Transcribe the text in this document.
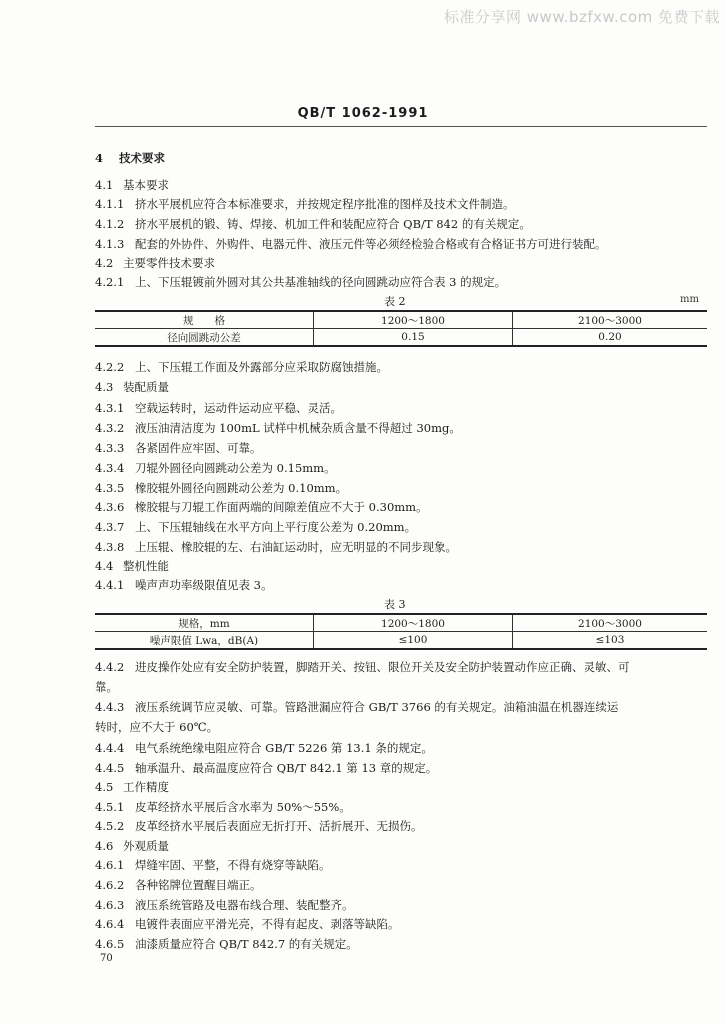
标准分享网 www.bzfxw.com 免费下载
QB/T 1062-1991
4 技术要求
4.1 基本要求
4.1.1 挤水平展机应符合本标准要求，并按规定程序批准的图样及技术文件制造。
4.1.2 挤水平展机的锻、铸、焊接、机加工件和装配应符合 QB/T 842 的有关规定。
4.1.3 配套的外协件、外购件、电器元件、液压元件等必须经检验合格或有合格证书方可进行装配。
4.2 主要零件技术要求
4.2.1 上、下压辊镀前外圆对其公共基准轴线的径向圆跳动应符合表 3 的规定。
表 2	mm
规　　格	1200～1800	2100～3000
径向圆跳动公差	0.15	0.20
4.2.2 上、下压辊工作面及外露部分应采取防腐蚀措施。
4.3 装配质量
4.3.1 空载运转时，运动件运动应平稳、灵活。
4.3.2 液压油清洁度为 100mL 试样中机械杂质含量不得超过 30mg。
4.3.3 各紧固件应牢固、可靠。
4.3.4 刀辊外圆径向圆跳动公差为 0.15mm。
4.3.5 橡胶辊外圆径向圆跳动公差为 0.10mm。
4.3.6 橡胶辊与刀辊工作面两端的间隙差值应不大于 0.30mm。
4.3.7 上、下压辊轴线在水平方向上平行度公差为 0.20mm。
4.3.8 上压辊、橡胶辊的左、右油缸运动时，应无明显的不同步现象。
4.4 整机性能
4.4.1 噪声声功率级限值见表 3。
表 3
规格，mm	1200～1800	2100～3000
噪声限值 Lwa，dB(A)	≤100	≤103
4.4.2 进皮操作处应有安全防护装置，脚踏开关、按钮、限位开关及安全防护装置动作应正确、灵敏、可
靠。
4.4.3 液压系统调节应灵敏、可靠。管路泄漏应符合 GB/T 3766 的有关规定。油箱油温在机器连续运
转时，应不大于 60℃。
4.4.4 电气系统绝缘电阻应符合 GB/T 5226 第 13.1 条的规定。
4.4.5 轴承温升、最高温度应符合 QB/T 842.1 第 13 章的规定。
4.5 工作精度
4.5.1 皮革经挤水平展后含水率为 50%～55%。
4.5.2 皮革经挤水平展后表面应无折打开、活折展开、无损伤。
4.6 外观质量
4.6.1 焊缝牢固、平整，不得有烧穿等缺陷。
4.6.2 各种铭牌位置醒目端正。
4.6.3 液压系统管路及电器布线合理、装配整齐。
4.6.4 电镀件表面应平滑光亮，不得有起皮、剥落等缺陷。
4.6.5 油漆质量应符合 QB/T 842.7 的有关规定。
70
